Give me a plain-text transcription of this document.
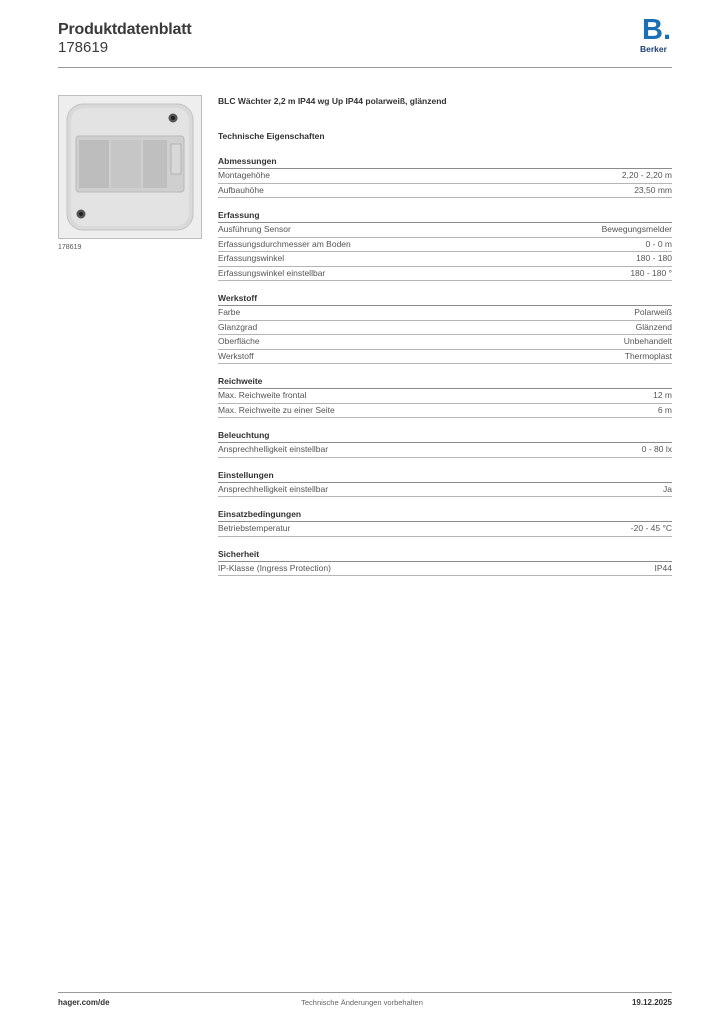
Produktdatenblatt
178619
B.
Berker
178619
BLC Wächter 2,2 m IP44 wg Up IP44 polarweiß, glänzend
Technische Eigenschaften
Abmessungen
Montagehöhe	2,20 - 2,20 m
Aufbauhöhe	23,50 mm
Erfassung
Ausführung Sensor	Bewegungsmelder
Erfassungsdurchmesser am Boden	0 - 0 m
Erfassungswinkel	180 - 180
Erfassungswinkel einstellbar	180 - 180 °
Werkstoff
Farbe	Polarweiß
Glanzgrad	Glänzend
Oberfläche	Unbehandelt
Werkstoff	Thermoplast
Reichweite
Max. Reichweite frontal	12 m
Max. Reichweite zu einer Seite	6 m
Beleuchtung
Ansprechhelligkeit einstellbar	0 - 80 lx
Einstellungen
Ansprechhelligkeit einstellbar	Ja
Einsatzbedingungen
Betriebstemperatur	-20 - 45 °C
Sicherheit
IP-Klasse (Ingress Protection)	IP44
hager.com/de	Technische Änderungen vorbehalten	19.12.2025
